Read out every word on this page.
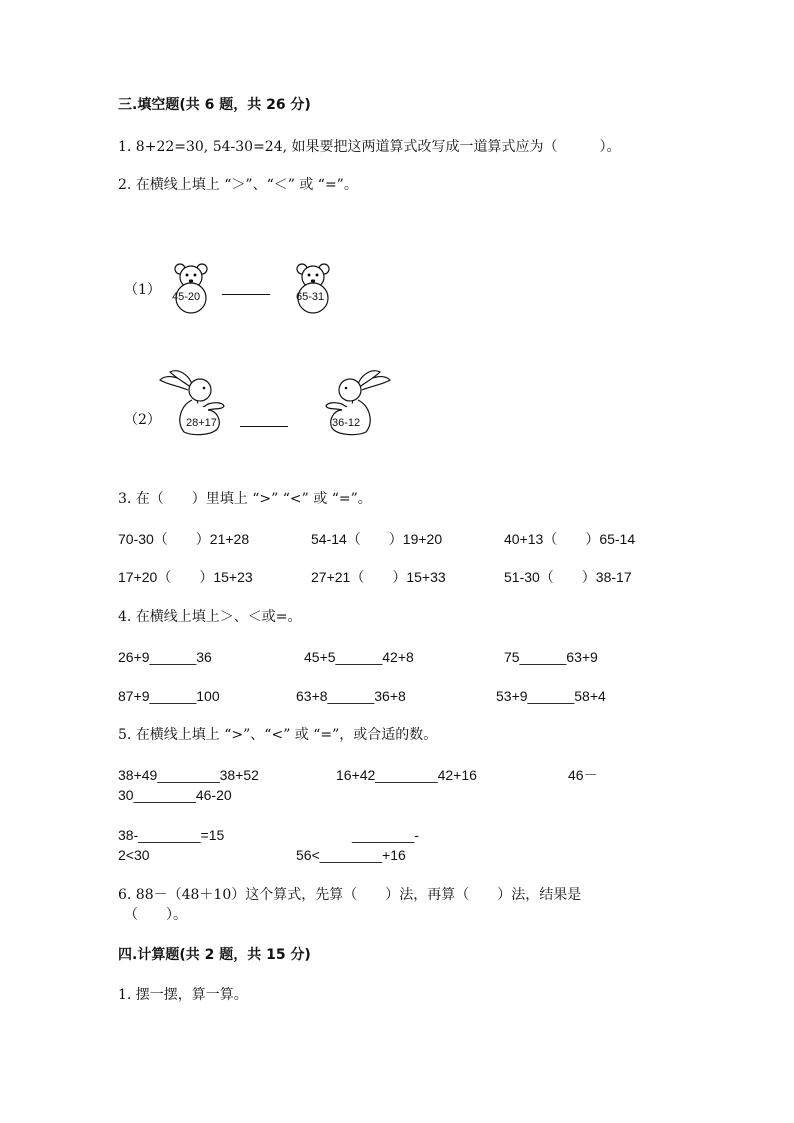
三.填空题(共 6 题，共 26 分)
1. 8+22=30, 54-30=24, 如果要把这两道算式改写成一道算式应为（　　　）。
2. 在横线上填上 “＞”、“＜” 或 “=”。
（1） 45-20	65-31
（2） 28+17	36-12
3. 在（　　）里填上 “>” “<” 或 “=”。
70-30（　　）21+28	54-14（　　）19+20	40+13（　　）65-14
17+20（　　）15+23	27+21（　　）15+33	51-30（　　）38-17
4. 在横线上填上＞、＜或=。
26+9______36	45+5______42+8	75______63+9
87+9______100	63+8______36+8	53+9______58+4
5. 在横线上填上 “>”、“<” 或 “=”，或合适的数。
38+49________38+52	16+42________42+16	46－
30________46-20
38-________=15	________-
2<30	56<________+16
6. 88－（48＋10）这个算式，先算（　　）法，再算（　　）法，结果是
（　　）。
四.计算题(共 2 题，共 15 分)
1. 摆一摆，算一算。
